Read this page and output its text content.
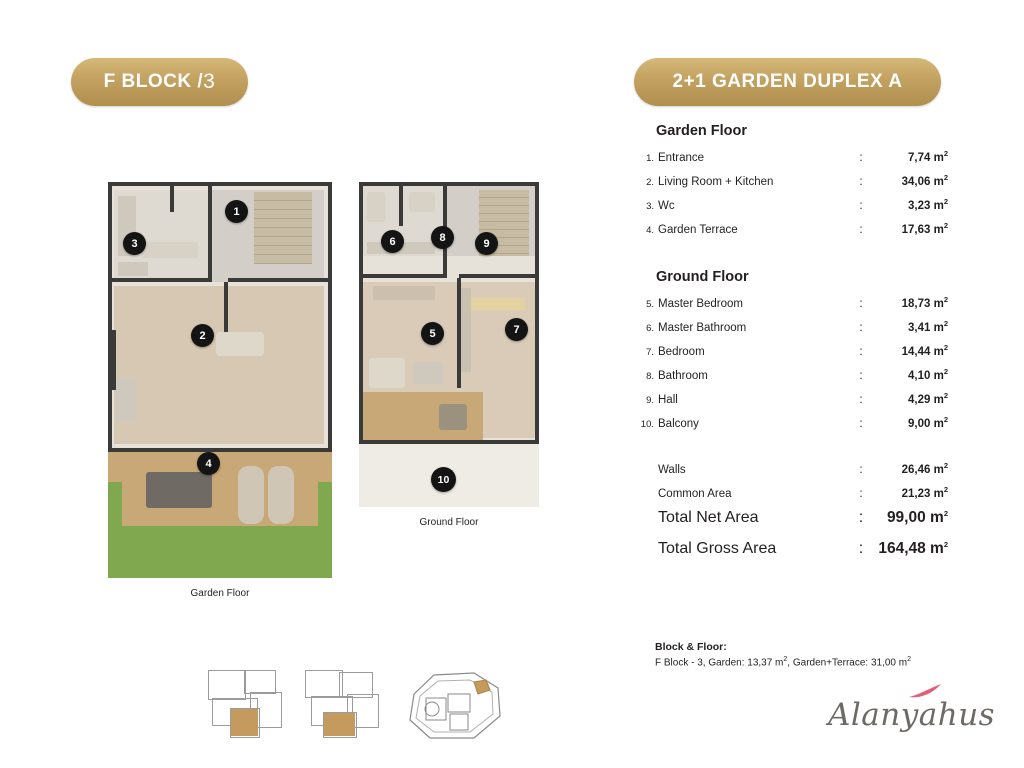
F BLOCK / 3	2+1 GARDEN DUPLEX A
1
3
2
4
Garden Floor
6	8	9
5	7
10
Ground Floor
Garden Floor
1. Entrance	:	7,74 $m^2$
2. Living Room + Kitchen	:	34,06 $m^2$
3. Wc	:	3,23 $m^2$
4. Garden Terrace	:	17,63 $m^2$
Ground Floor
5. Master Bedroom	:	18,73 $m^2$
6. Master Bathroom	:	3,41 $m^2$
7. Bedroom	:	14,44 $m^2$
8. Bathroom	:	4,10 $m^2$
9. Hall	:	4,29 $m^2$
10. Balcony	:	9,00 $m^2$
Walls	:	26,46 $m^2$
Common Area	:	21,23 $m^2$
Total Net Area	:	99,00 $m^2$
Total Gross Area	: 164,48 $m^2$
Block & Floor:
F Block - 3, Garden: 13,37 $m^2$, Garden+Terrace: 31,00 $m^2$
Alanyahus
